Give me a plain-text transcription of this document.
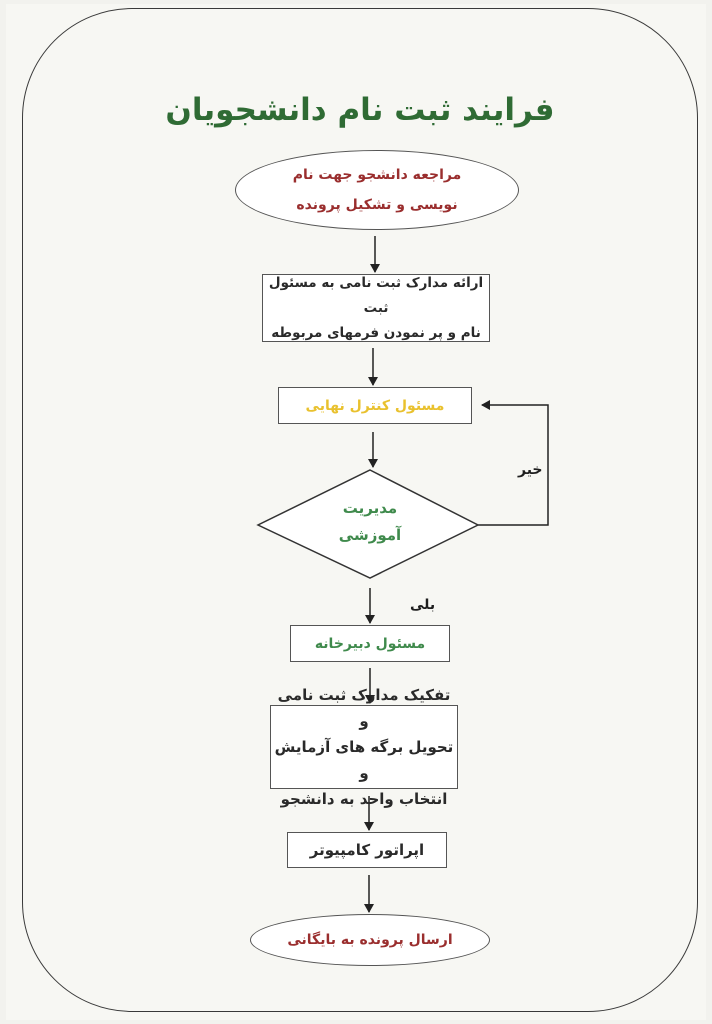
فرایند ثبت نام دانشجویان
مراجعه دانشجو جهت نام
نویسی و تشکیل پرونده
ارائه مدارک ثبت نامی به مسئول ثبت
نام و پر نمودن فرمهای مربوطه
مسئول کنترل نهایی
مدیریت
آموزشی
خیر
بلی
مسئول دبیرخانه
تفکیک مدارک ثبت نامی و
تحویل برگه های آزمایش و
انتخاب واحد به دانشجو
اپراتور کامپیوتر
ارسال پرونده به بایگانی
